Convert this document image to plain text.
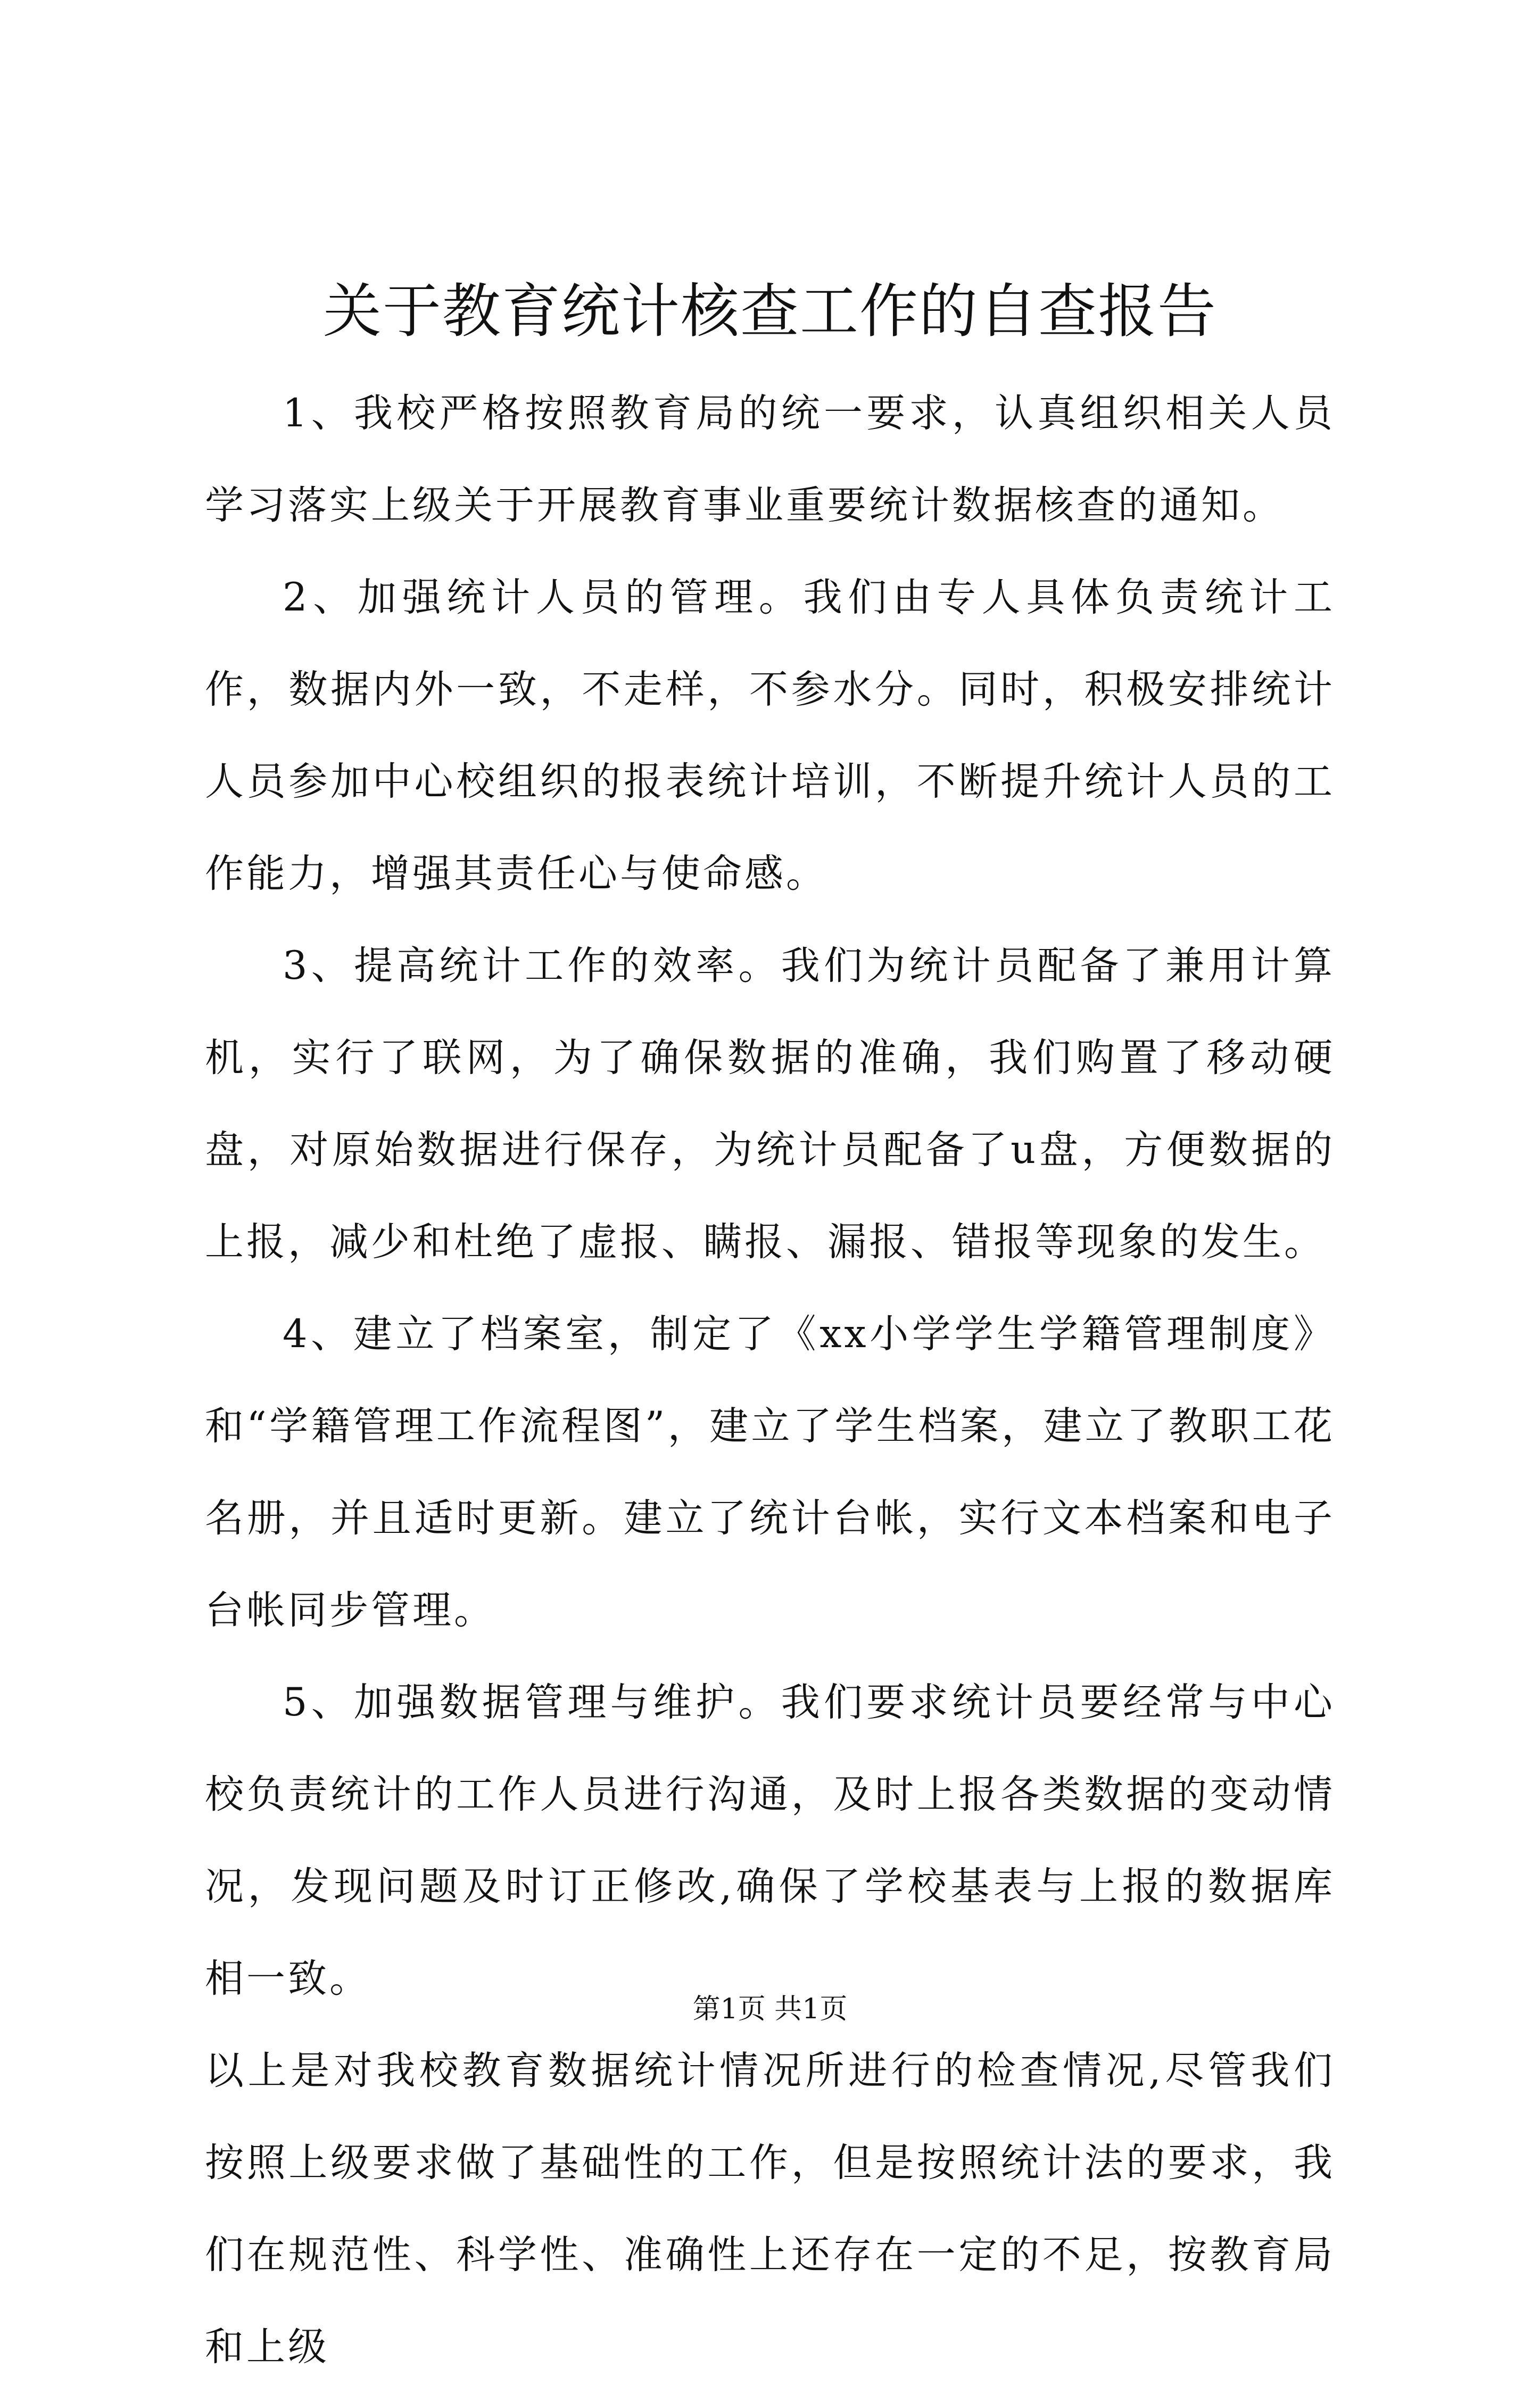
关于教育统计核查工作的自查报告

1、我校严格按照教育局的统一要求，认真组织相关人员学习落实上级关于开展教育事业重要统计数据核查的通知。

2、加强统计人员的管理。我们由专人具体负责统计工作，数据内外一致，不走样，不参水分。同时，积极安排统计人员参加中心校组织的报表统计培训，不断提升统计人员的工作能力，增强其责任心与使命感。

3、提高统计工作的效率。我们为统计员配备了兼用计算机，实行了联网，为了确保数据的准确，我们购置了移动硬盘，对原始数据进行保存，为统计员配备了u盘，方便数据的上报，减少和杜绝了虚报、瞒报、漏报、错报等现象的发生。

4、建立了档案室，制定了《xx小学学生学籍管理制度》和“学籍管理工作流程图”，建立了学生档案，建立了教职工花名册，并且适时更新。建立了统计台帐，实行文本档案和电子台帐同步管理。

5、加强数据管理与维护。我们要求统计员要经常与中心校负责统计的工作人员进行沟通，及时上报各类数据的变动情况，发现问题及时订正修改,确保了学校基表与上报的数据库相一致。

以上是对我校教育数据统计情况所进行的检查情况,尽管我们按照上级要求做了基础性的工作，但是按照统计法的要求，我们在规范性、科学性、准确性上还存在一定的不足，按教育局和上级

第1页 共1页
